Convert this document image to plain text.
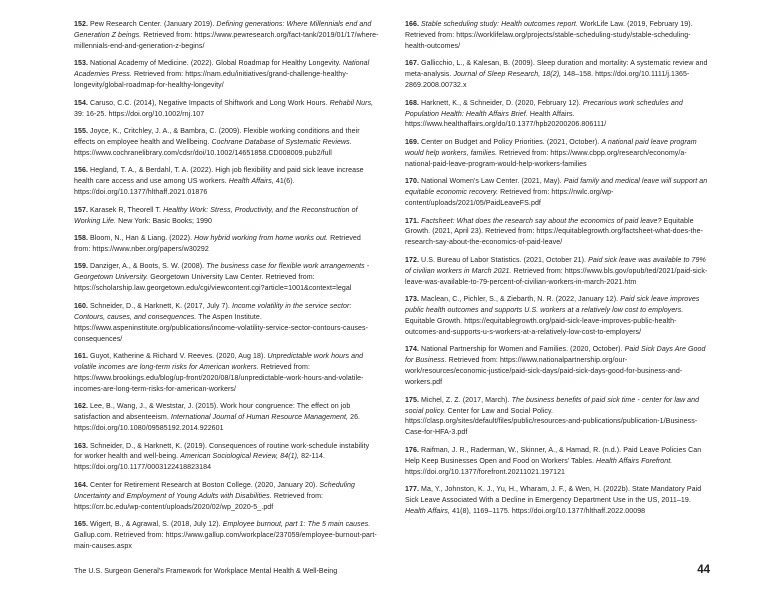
152. Pew Research Center. (January 2019). Defining generations: Where Millennials end and Generation Z beings. Retrieved from: https://www.pewresearch.org/fact-tank/2019/01/17/where-millennials-end-and-generation-z-begins/

153. National Academy of Medicine. (2022). Global Roadmap for Healthy Longevity. National Academies Press. Retrieved from: https://nam.edu/initiatives/grand-challenge-healthy-longevity/global-roadmap-for-healthy-longevity/

154. Caruso, C.C. (2014), Negative Impacts of Shiftwork and Long Work Hours. Rehabil Nurs, 39: 16-25. https://doi.org/10.1002/rnj.107

155. Joyce, K., Critchley, J. A., & Bambra, C. (2009). Flexible working conditions and their effects on employee health and Wellbeing. Cochrane Database of Systematic Reviews. https://www.cochranelibrary.com/cdsr/doi/10.1002/14651858.CD008009.pub2/full

156. Hegland, T. A., & Berdahl, T. A. (2022). High job flexibility and paid sick leave increase health care access and use among US workers. Health Affairs, 41(6). https://doi.org/10.1377/hlthaff.2021.01876

157. Karasek R, Theorell T. Healthy Work: Stress, Productivity, and the Reconstruction of Working Life. New York: Basic Books; 1990

158. Bloom, N., Han & Liang. (2022). How hybrid working from home works out. Retrieved from: https://www.nber.org/papers/w30292

159. Danziger, A., & Boots, S. W. (2008). The business case for flexible work arrangements - Georgetown University. Georgetown University Law Center. Retrieved from: https://scholarship.law.georgetown.edu/cgi/viewcontent.cgi?article=1001&context=legal

160. Schneider, D., & Harknett, K. (2017, July 7). Income volatility in the service sector: Contours, causes, and consequences. The Aspen Institute. https://www.aspeninstitute.org/publications/income-volatility-service-sector-contours-causes-consequences/

161. Guyot, Katherine & Richard V. Reeves. (2020, Aug 18). Unpredictable work hours and volatile incomes are long-term risks for American workers. Retrieved from: https://www.brookings.edu/blog/up-front/2020/08/18/unpredictable-work-hours-and-volatile-incomes-are-long-term-risks-for-american-workers/

162. Lee, B., Wang, J., & Weststar, J. (2015). Work hour congruence: The effect on job satisfaction and absenteeism. International Journal of Human Resource Management, 26. https://doi.org/10.1080/09585192.2014.922601

163. Schneider, D., & Harknett, K. (2019). Consequences of routine work-schedule instability for worker health and well-being. American Sociological Review, 84(1), 82-114. https://doi.org/10.1177/0003122418823184

164. Center for Retirement Research at Boston College. (2020, January 20). Scheduling Uncertainty and Employment of Young Adults with Disabilities. Retrieved from: https://crr.bc.edu/wp-content/uploads/2020/02/wp_2020-5_.pdf

165. Wigert, B., & Agrawal, S. (2018, July 12). Employee burnout, part 1: The 5 main causes. Gallup.com. Retrieved from: https://www.gallup.com/workplace/237059/employee-burnout-part-main-causes.aspx

166. Stable scheduling study: Health outcomes report. WorkLife Law. (2019, February 19). Retrieved from: https://worklifelaw.org/projects/stable-scheduling-study/stable-scheduling-health-outcomes/

167. Gallicchio, L., & Kalesan, B. (2009). Sleep duration and mortality: A systematic review and meta-analysis. Journal of Sleep Research, 18(2), 148–158. https://doi.org/10.1111/j.1365-2869.2008.00732.x

168. Harknett, K., & Schneider, D. (2020, February 12). Precarious work schedules and Population Health: Health Affairs Brief. Health Affairs. https://www.healthaffairs.org/do/10.1377/hpb20200206.806111/

169. Center on Budget and Policy Priorities. (2021, October). A national paid leave program would help workers, families. Retrieved from: https://www.cbpp.org/research/economy/a-national-paid-leave-program-would-help-workers-families

170. National Women's Law Center. (2021, May). Paid family and medical leave will support an equitable economic recovery. Retrieved from: https://nwlc.org/wp-content/uploads/2021/05/PaidLeaveFS.pdf

171. Factsheet: What does the research say about the economics of paid leave? Equitable Growth. (2021, April 23). Retrieved from: https://equitablegrowth.org/factsheet-what-does-the-research-say-about-the-economics-of-paid-leave/

172. U.S. Bureau of Labor Statistics. (2021, October 21). Paid sick leave was available to 79% of civilian workers in March 2021. Retrieved from: https://www.bls.gov/opub/ted/2021/paid-sick-leave-was-available-to-79-percent-of-civilian-workers-in-march-2021.htm

173. Maclean, C., Pichler, S., & Ziebarth, N. R. (2022, January 12). Paid sick leave improves public health outcomes and supports U.S. workers at a relatively low cost to employers. Equitable Growth. https://equitablegrowth.org/paid-sick-leave-improves-public-health-outcomes-and-supports-u-s-workers-at-a-relatively-low-cost-to-employers/

174. National Partnership for Women and Families. (2020, October). Paid Sick Days Are Good for Business. Retrieved from: https://www.nationalpartnership.org/our-work/resources/economic-justice/paid-sick-days/paid-sick-days-good-for-business-and-workers.pdf

175. Michel, Z. Z. (2017, March). The business benefits of paid sick time - center for law and social policy. Center for Law and Social Policy. https://clasp.org/sites/default/files/public/resources-and-publications/publication-1/Business-Case-for-HFA-3.pdf

176. Raifman, J. R., Raderman, W., Skinner, A., & Hamad, R. (n.d.). Paid Leave Policies Can Help Keep Businesses Open and Food on Workers' Tables. Health Affairs Forefront. https://doi.org/10.1377/forefront.20211021.197121

177. Ma, Y., Johnston, K. J., Yu, H., Wharam, J. F., & Wen, H. (2022b). State Mandatory Paid Sick Leave Associated With a Decline in Emergency Department Use in the US, 2011–19. Health Affairs, 41(8), 1169–1175. https://doi.org/10.1377/hlthaff.2022.00098

The U.S. Surgeon General's Framework for Workplace Mental Health & Well-Being	44
